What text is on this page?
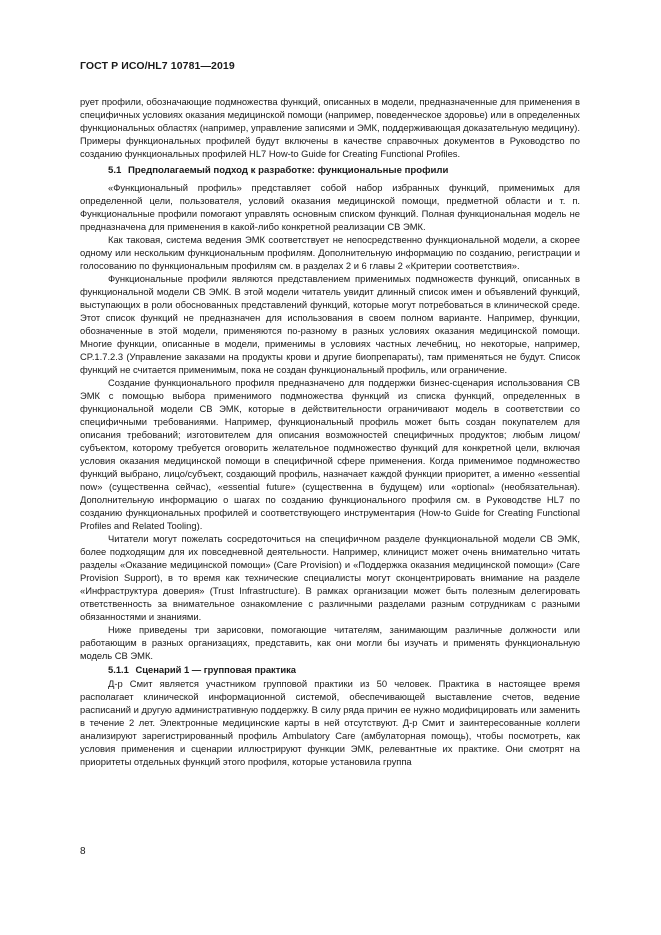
ГОСТ Р ИСО/HL7 10781—2019

рует профили, обозначающие подмножества функций, описанных в модели, предназначенные для применения в специфичных условиях оказания медицинской помощи (например, поведенческое здоровье) или в определенных функциональных областях (например, управление записями и ЭМК, поддерживающая доказательную медицину). Примеры функциональных профилей будут включены в качестве справочных документов в Руководство по созданию функциональных профилей HL7 How-to Guide for Creating Functional Profiles.

5.1 Предполагаемый подход к разработке: функциональные профили

«Функциональный профиль» представляет собой набор избранных функций, применимых для определенной цели, пользователя, условий оказания медицинской помощи, предметной области и т. п. Функциональные профили помогают управлять основным списком функций. Полная функциональная модель не предназначена для применения в какой-либо конкретной реализации СВ ЭМК.

Как таковая, система ведения ЭМК соответствует не непосредственно функциональной модели, а скорее одному или нескольким функциональным профилям. Дополнительную информацию по созданию, регистрации и голосованию по функциональным профилям см. в разделах 2 и 6 главы 2 «Критерии соответствия».

Функциональные профили являются представлением применимых подмножеств функций, описанных в функциональной модели СВ ЭМК. В этой модели читатель увидит длинный список имен и объявлений функций, выступающих в роли обоснованных представлений функций, которые могут потребоваться в клинической среде. Этот список функций не предназначен для использования в своем полном варианте. Например, функции, обозначенные в этой модели, применяются по-разному в разных условиях оказания медицинской помощи. Многие функции, описанные в модели, применимы в условиях частных лечебниц, но некоторые, например, CP.1.7.2.3 (Управление заказами на продукты крови и другие биопрепараты), там применяться не будут. Список функций не считается применимым, пока не создан функциональный профиль, или ограничение.

Создание функционального профиля предназначено для поддержки бизнес-сценария использования СВ ЭМК с помощью выбора применимого подмножества функций из списка функций, определенных в функциональной модели СВ ЭМК, которые в действительности ограничивают модель в соответствии со специфичными требованиями. Например, функциональный профиль может быть создан покупателем для описания требований; изготовителем для описания возможностей специфичных продуктов; любым лицом/субъектом, которому требуется оговорить желательное подмножество функций для конкретной цели, включая условия оказания медицинской помощи в специфичной сфере применения. Когда применимое подмножество функций выбрано, лицо/субъект, создающий профиль, назначает каждой функции приоритет, а именно «essential now» (существенна сейчас), «essential future» (существенна в будущем) или «optional» (необязательная). Дополнительную информацию о шагах по созданию функционального профиля см. в Руководстве HL7 по созданию функциональных профилей и соответствующего инструментария (How-to Guide for Creating Functional Profiles and Related Tooling).

Читатели могут пожелать сосредоточиться на специфичном разделе функциональной модели СВ ЭМК, более подходящим для их повседневной деятельности. Например, клиницист может очень внимательно читать разделы «Оказание медицинской помощи» (Care Provision) и «Поддержка оказания медицинской помощи» (Care Provision Support), в то время как технические специалисты могут сконцентрировать внимание на разделе «Инфраструктура доверия» (Trust Infrastructure). В рамках организации может быть полезным делегировать ответственность за внимательное ознакомление с различными разделами разным сотрудникам с разными обязанностями и знаниями.

Ниже приведены три зарисовки, помогающие читателям, занимающим различные должности или работающим в разных организациях, представить, как они могли бы изучать и применять функциональную модель СВ ЭМК.

5.1.1 Сценарий 1 — групповая практика

Д-р Смит является участником групповой практики из 50 человек. Практика в настоящее время располагает клинической информационной системой, обеспечивающей выставление счетов, ведение расписаний и другую административную поддержку. В силу ряда причин ее нужно модифицировать или заменить в течение 2 лет. Электронные медицинские карты в ней отсутствуют. Д-р Смит и заинтересованные коллеги анализируют зарегистрированный профиль Ambulatory Care (амбулаторная помощь), чтобы посмотреть, как условия применения и сценарии иллюстрируют функции ЭМК, релевантные их практике. Они смотрят на приоритеты отдельных функций этого профиля, которые установила группа

8
